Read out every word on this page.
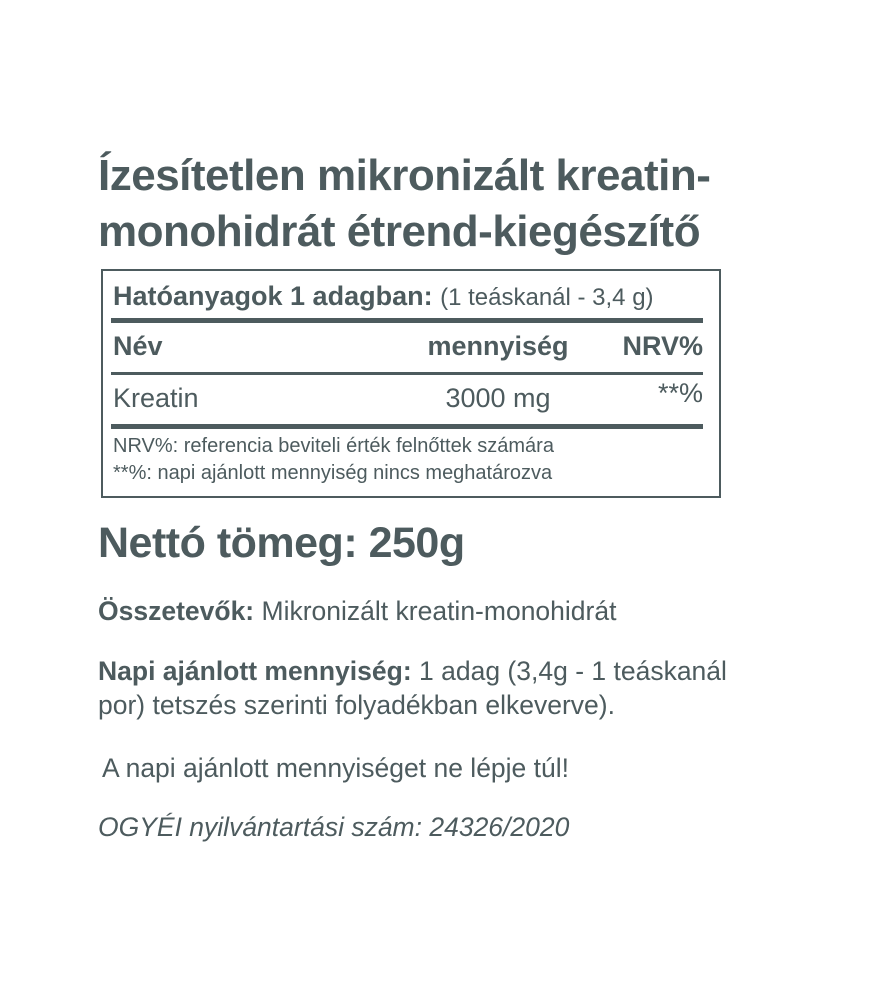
Ízesítetlen mikronizált kreatin-monohidrát étrend-kiegészítő
Hatóanyagok 1 adagban: (1 teáskanál - 3,4 g)
Név	mennyiség	NRV%
Kreatin	3000 mg	**%
NRV%: referencia beviteli érték felnőttek számára
**%: napi ajánlott mennyiség nincs meghatározva
Nettó tömeg: 250g

Összetevők: Mikronizált kreatin-monohidrát

Napi ajánlott mennyiség: 1 adag (3,4g - 1 teáskanál por) tetszés szerinti folyadékban elkeverve).

A napi ajánlott mennyiséget ne lépje túl!

OGYÉI nyilvántartási szám: 24326/2020
